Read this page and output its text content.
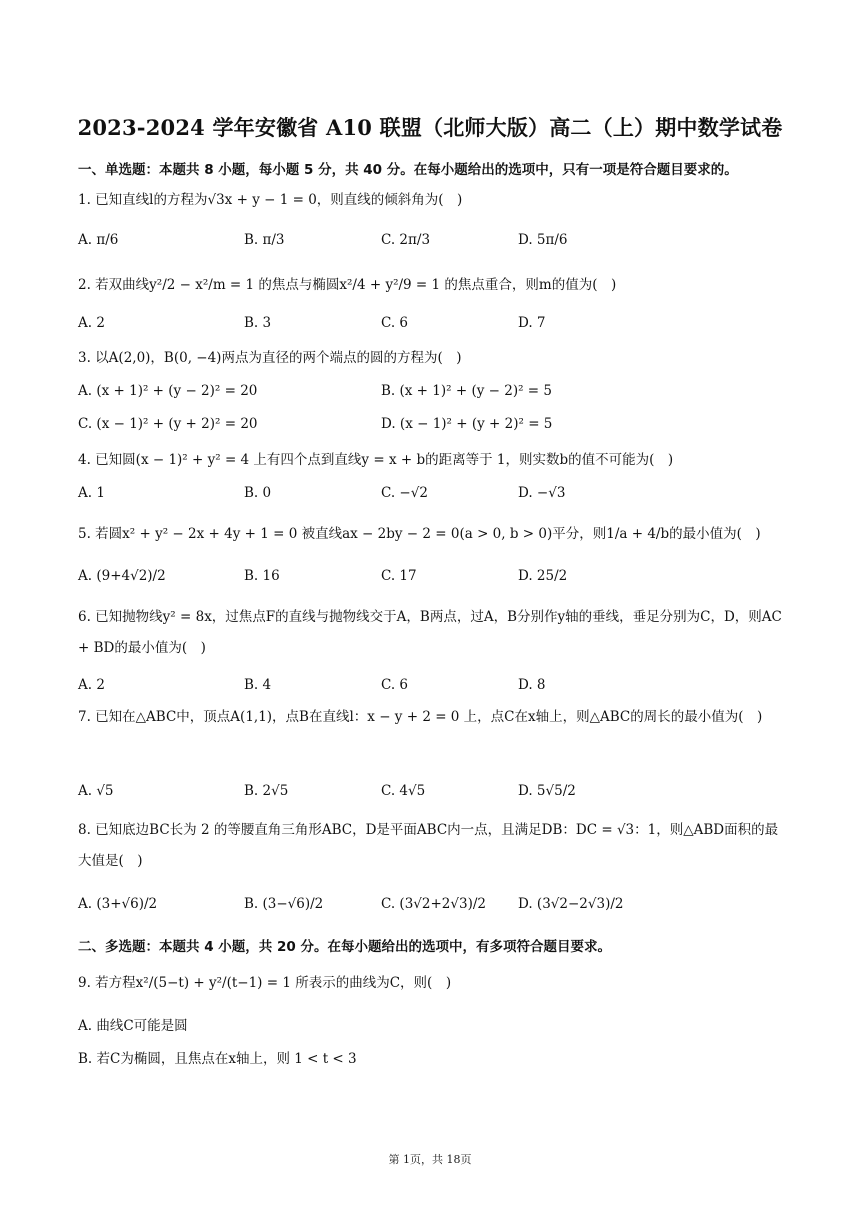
2023-2024 学年安徽省 A10 联盟（北师大版）高二（上）期中数学试卷
一、单选题：本题共 8 小题，每小题 5 分，共 40 分。在每小题给出的选项中，只有一项是符合题目要求的。
1. 已知直线l的方程为√3x + y − 1 = 0，则直线的倾斜角为(　)
A. π/6	B. π/3	C. 2π/3	D. 5π/6
2. 若双曲线y²/2 − x²/m = 1 的焦点与椭圆x²/4 + y²/9 = 1 的焦点重合，则m的值为(　)
A. 2	B. 3	C. 6	D. 7
3. 以A(2,0)，B(0, −4)两点为直径的两个端点的圆的方程为(　)
A. (x + 1)² + (y − 2)² = 20	B. (x + 1)² + (y − 2)² = 5
C. (x − 1)² + (y + 2)² = 20	D. (x − 1)² + (y + 2)² = 5
4. 已知圆(x − 1)² + y² = 4 上有四个点到直线y = x + b的距离等于 1，则实数b的值不可能为(　)
A. 1	B. 0	C. −√2	D. −√3
5. 若圆x² + y² − 2x + 4y + 1 = 0 被直线ax − 2by − 2 = 0(a > 0, b > 0)平分，则1/a + 4/b的最小值为(　)
A. (9+4√2)/2	B. 16	C. 17	D. 25/2
6. 已知抛物线y² = 8x，过焦点F的直线与抛物线交于A，B两点，过A，B分别作y轴的垂线，垂足分别为C，D，则AC + BD的最小值为(　)
A. 2	B. 4	C. 6	D. 8
7. 已知在△ABC中，顶点A(1,1)，点B在直线l：x − y + 2 = 0 上，点C在x轴上，则△ABC的周长的最小值为(　)
A. √5	B. 2√5	C. 4√5	D. 5√5/2
8. 已知底边BC长为 2 的等腰直角三角形ABC，D是平面ABC内一点，且满足DB：DC = √3：1，则△ABD面积的最大值是(　)
A. (3+√6)/2	B. (3−√6)/2	C. (3√2+2√3)/2 D. (3√2−2√3)/2
二、多选题：本题共 4 小题，共 20 分。在每小题给出的选项中，有多项符合题目要求。
9. 若方程x²/(5−t) + y²/(t−1) = 1 所表示的曲线为C，则(　)
A. 曲线C可能是圆
B. 若C为椭圆，且焦点在x轴上，则 1 < t < 3
第 1页，共 18页
